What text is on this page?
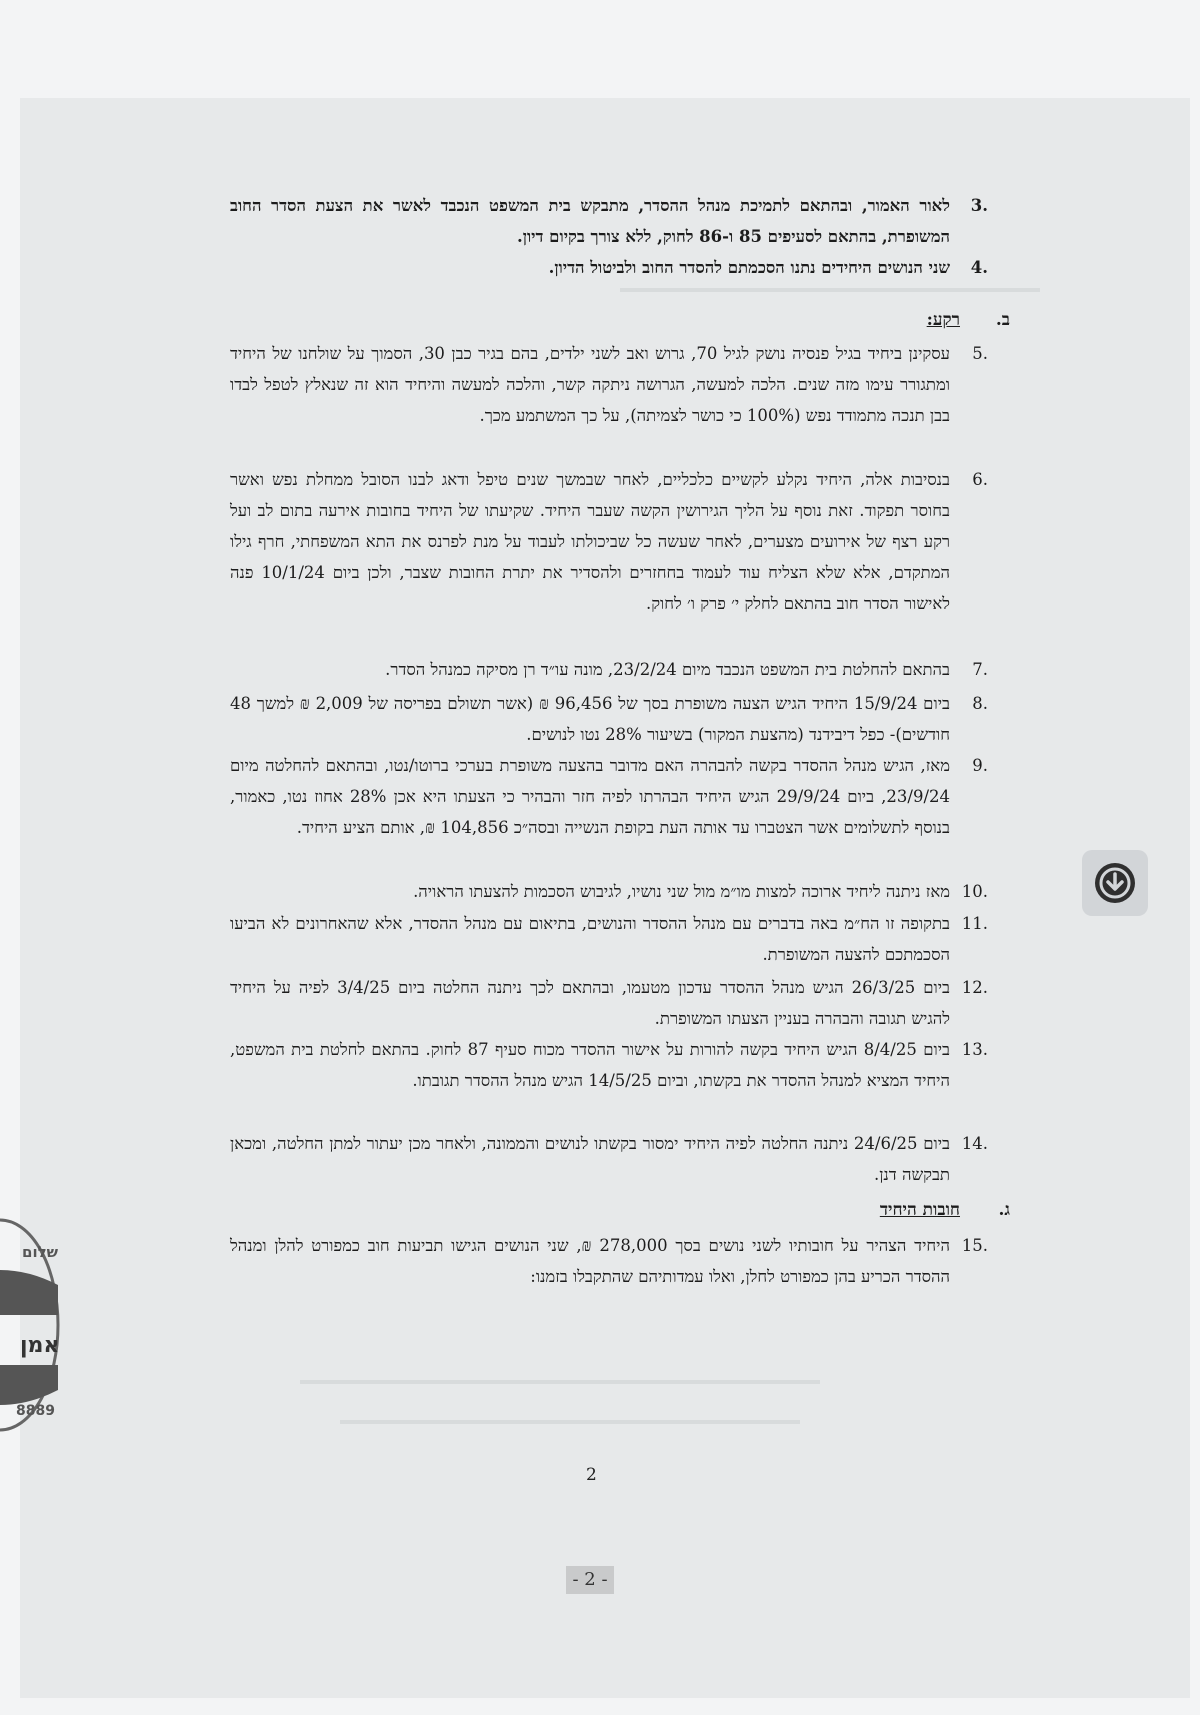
3.
לאור האמור, ובהתאם לתמיכת מנהל ההסדר, מתבקש בית המשפט הנכבד לאשר את הצעת הסדר החוב המשופרת, בהתאם לסעיפים 85 ו-86 לחוק, ללא צורך בקיום דיון.
4.
שני הנושים היחידים נתנו הסכמתם להסדר החוב ולביטול הדיון.
ב.
רקע:
5.
עסקינן ביחיד בגיל פנסיה נושק לגיל 70, גרוש ואב לשני ילדים, בהם בגיר כבן 30, הסמוך על שולחנו של היחיד ומתגורר עימו מזה שנים. הלכה למעשה, הגרושה ניתקה קשר, והלכה למעשה והיחיד הוא זה שנאלץ לטפל לבדו בבן תנכה מתמודד נפש (100% כי כושר לצמיתה), על כך המשתמע מכך.
6.
בנסיבות אלה, היחיד נקלע לקשיים כלכליים, לאחר שבמשך שנים טיפל ודאג לבנו הסובל ממחלת נפש ואשר בחוסר תפקוד. זאת נוסף על הליך הגירושין הקשה שעבר היחיד. שקיעתו של היחיד בחובות אירעה בתום לב ועל רקע רצף של אירועים מצערים, לאחר שעשה כל שביכולתו לעבוד על מנת לפרנס את התא המשפחתי, חרף גילו המתקדם, אלא שלא הצליח עוד לעמוד בחחזרים ולהסדיר את יתרת החובות שצבר, ולכן ביום 10/1/24 פנה לאישור הסדר חוב בהתאם לחלק י׳ פרק ו׳ לחוק.
7.
בהתאם להחלטת בית המשפט הנכבד מיום 23/2/24, מונה עו״ד רן מסיקה כמנהל הסדר.
8.
ביום 15/9/24 היחיד הגיש הצעה משופרת בסך של 96,456 ₪ (אשר תשולם בפריסה של 2,009 ₪ למשך 48 חודשים)- כפל דיבידנד (מהצעת המקור) בשיעור 28% נטו לנושים.
9.
מאז, הגיש מנהל ההסדר בקשה להבהרה האם מדובר בהצעה משופרת בערכי ברוטו/נטו, ובהתאם להחלטה מיום 23/9/24, ביום 29/9/24 הגיש היחיד הבהרתו לפיה חזר והבהיר כי הצעתו היא אכן 28% אחוז נטו, כאמור, בנוסף לתשלומים אשר הצטברו עד אותה העת בקופת הנשייה ובסה״כ 104,856 ₪, אותם הציע היחיד.
10.
מאז ניתנה ליחיד ארוכה למצות מו״מ מול שני נושיו, לגיבוש הסכמות להצעתו הראויה.
11.
בתקופה זו הח״מ באה בדברים עם מנהל ההסדר והנושים, בתיאום עם מנהל ההסדר, אלא שהאחרונים לא הביעו הסכמתכם להצעה המשופרת.
12.
ביום 26/3/25 הגיש מנהל ההסדר עדכון מטעמו, ובהתאם לכך ניתנה החלטה ביום 3/4/25 לפיה על היחיד להגיש תגובה והבהרה בעניין הצעתו המשופרת.
13.
ביום 8/4/25 הגיש היחיד בקשה להורות על אישור ההסדר מכוח סעיף 87 לחוק. בהתאם לחלטת בית המשפט, היחיד המציא למנהל ההסדר את בקשתו, וביום 14/5/25 הגיש מנהל ההסדר תגובתו.
14.
ביום 24/6/25 ניתנה החלטה לפיה היחיד ימסור בקשתו לנושים והממונה, ולאחר מכן יעתור למתן החלטה, ומכאן תבקשה דנן.
ג.
חובות היחיד
15.
היחיד הצהיר על חובותיו לשני נושים בסך 278,000 ₪, שני הנושים הגישו תביעות חוב כמפורט להלן ומנהל ההסדר הכריע בהן כמפורט לחלן, ואלו עמדותיהם שהתקבלו בזמנו:
2
- 2 -
שלום
אמן
8889
